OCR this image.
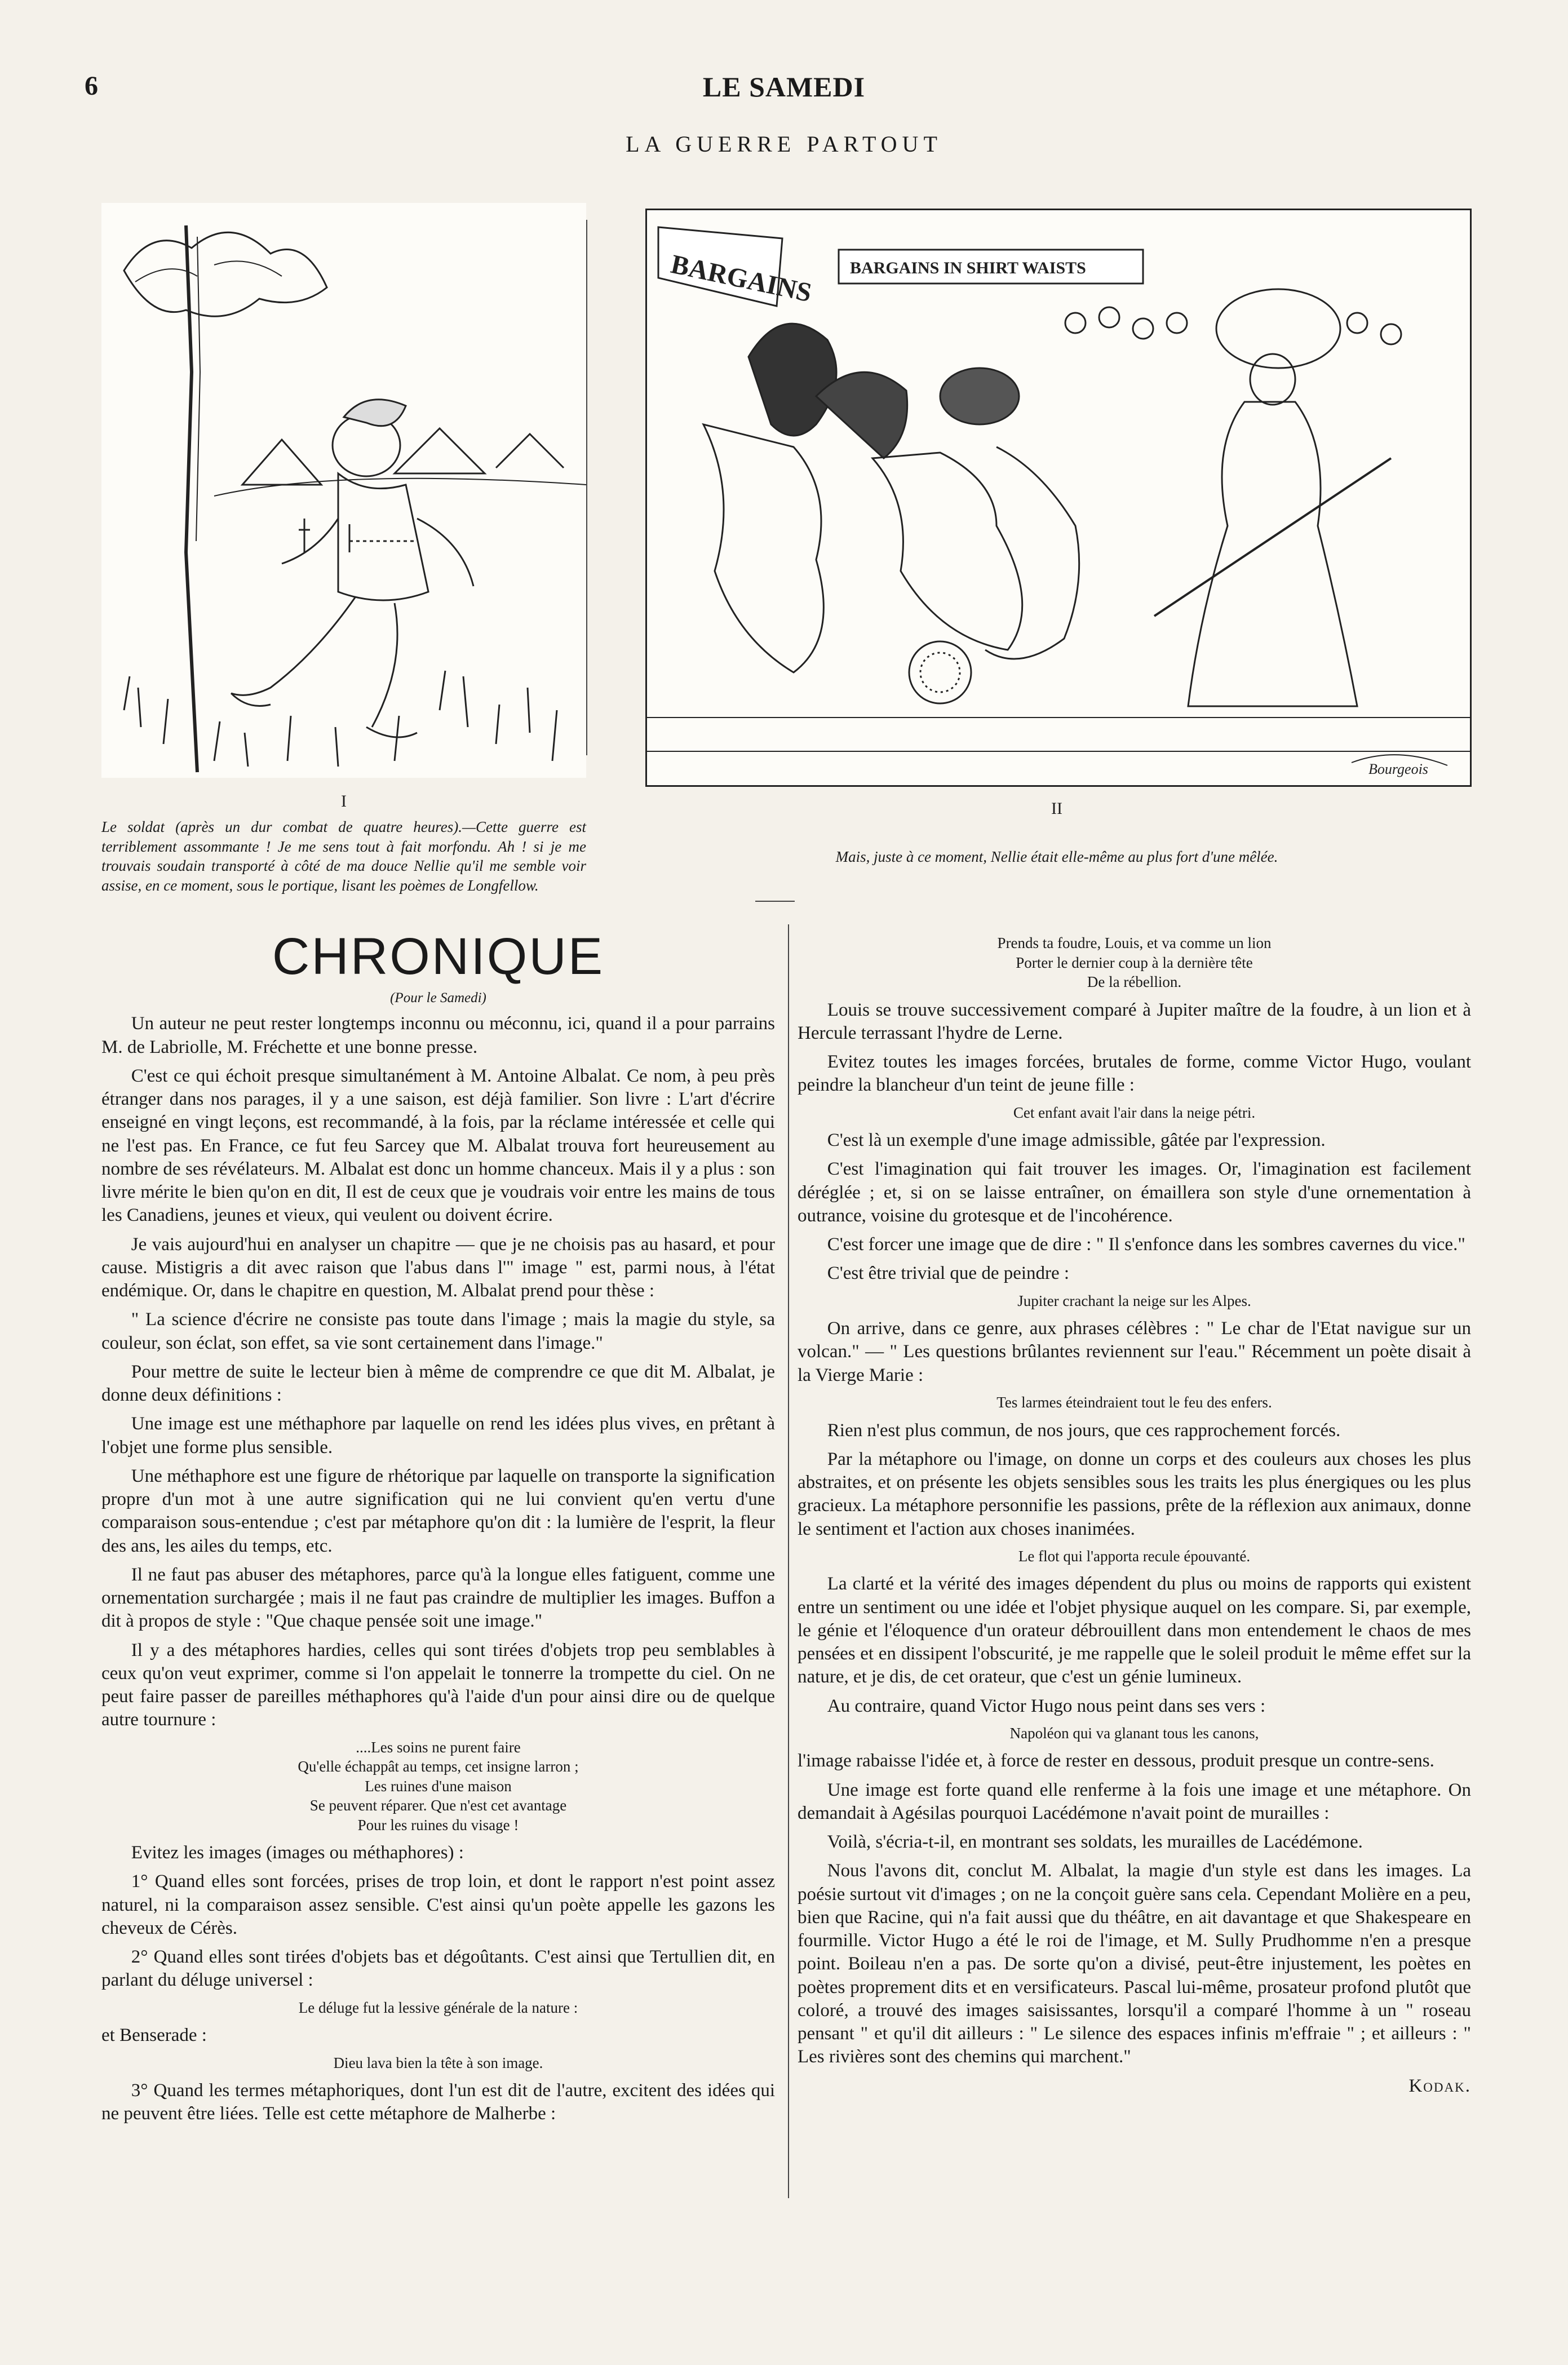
6	LE SAMEDI
LA GUERRE PARTOUT
BARGAINS BARGAINS IN SHIRT WAISTS
Bourgeois
I
Le soldat (après un dur combat de quatre heures).—Cette guerre est terriblement assommante ! Je me sens tout à fait morfondu. Ah ! si je me trouvais soudain transporté à côté de ma douce Nellie qu'il me semble voir assise, en ce moment, sous le portique, lisant les poèmes de Longfellow.
II
Mais, juste à ce moment, Nellie était elle-même au plus fort d'une mêlée.
CHRONIQUE
(Pour le Samedi)

Un auteur ne peut rester longtemps inconnu ou méconnu, ici, quand il a pour parrains M. de Labriolle, M. Fréchette et une bonne presse.

C'est ce qui échoit presque simultanément à M. Antoine Albalat. Ce nom, à peu près étranger dans nos parages, il y a une saison, est déjà familier. Son livre : L'art d'écrire enseigné en vingt leçons, est recommandé, à la fois, par la réclame intéressée et celle qui ne l'est pas. En France, ce fut feu Sarcey que M. Albalat trouva fort heureusement au nombre de ses révélateurs. M. Albalat est donc un homme chanceux. Mais il y a plus : son livre mérite le bien qu'on en dit, Il est de ceux que je voudrais voir entre les mains de tous les Canadiens, jeunes et vieux, qui veulent ou doivent écrire.

Je vais aujourd'hui en analyser un chapitre — que je ne choisis pas au hasard, et pour cause. Mistigris a dit avec raison que l'abus dans l'" image " est, parmi nous, à l'état endémique. Or, dans le chapitre en question, M. Albalat prend pour thèse :

" La science d'écrire ne consiste pas toute dans l'image ; mais la magie du style, sa couleur, son éclat, son effet, sa vie sont certainement dans l'image."

Pour mettre de suite le lecteur bien à même de comprendre ce que dit M. Albalat, je donne deux définitions :

Une image est une méthaphore par laquelle on rend les idées plus vives, en prêtant à l'objet une forme plus sensible.

Une méthaphore est une figure de rhétorique par laquelle on transporte la signification propre d'un mot à une autre signification qui ne lui convient qu'en vertu d'une comparaison sous-entendue ; c'est par métaphore qu'on dit : la lumière de l'esprit, la fleur des ans, les ailes du temps, etc.

Il ne faut pas abuser des métaphores, parce qu'à la longue elles fatiguent, comme une ornementation surchargée ; mais il ne faut pas craindre de multiplier les images. Buffon a dit à propos de style : "Que chaque pensée soit une image."

Il y a des métaphores hardies, celles qui sont tirées d'objets trop peu semblables à ceux qu'on veut exprimer, comme si l'on appelait le tonnerre la trompette du ciel. On ne peut faire passer de pareilles méthaphores qu'à l'aide d'un pour ainsi dire ou de quelque autre tournure :

....Les soins ne purent faire
Qu'elle échappât au temps, cet insigne larron ;
Les ruines d'une maison
Se peuvent réparer. Que n'est cet avantage
Pour les ruines du visage !

Evitez les images (images ou méthaphores) :

1° Quand elles sont forcées, prises de trop loin, et dont le rapport n'est point assez naturel, ni la comparaison assez sensible. C'est ainsi qu'un poète appelle les gazons les cheveux de Cérès.

2° Quand elles sont tirées d'objets bas et dégoûtants. C'est ainsi que Tertullien dit, en parlant du déluge universel :

Le déluge fut la lessive générale de la nature :

et Benserade :

Dieu lava bien la tête à son image.

3° Quand les termes métaphoriques, dont l'un est dit de l'autre, excitent des idées qui ne peuvent être liées. Telle est cette métaphore de Malherbe :

Prends ta foudre, Louis, et va comme un lion
Porter le dernier coup à la dernière tête
De la rébellion.

Louis se trouve successivement comparé à Jupiter maître de la foudre, à un lion et à Hercule terrassant l'hydre de Lerne.

Evitez toutes les images forcées, brutales de forme, comme Victor Hugo, voulant peindre la blancheur d'un teint de jeune fille :

Cet enfant avait l'air dans la neige pétri.

C'est là un exemple d'une image admissible, gâtée par l'expression.

C'est l'imagination qui fait trouver les images. Or, l'imagination est facilement déréglée ; et, si on se laisse entraîner, on émaillera son style d'une ornementation à outrance, voisine du grotesque et de l'incohérence.

C'est forcer une image que de dire : " Il s'enfonce dans les sombres cavernes du vice."

C'est être trivial que de peindre :

Jupiter crachant la neige sur les Alpes.

On arrive, dans ce genre, aux phrases célèbres : " Le char de l'Etat navigue sur un volcan." — " Les questions brûlantes reviennent sur l'eau." Récemment un poète disait à la Vierge Marie :

Tes larmes éteindraient tout le feu des enfers.

Rien n'est plus commun, de nos jours, que ces rapprochement forcés.

Par la métaphore ou l'image, on donne un corps et des couleurs aux choses les plus abstraites, et on présente les objets sensibles sous les traits les plus énergiques ou les plus gracieux. La métaphore personnifie les passions, prête de la réflexion aux animaux, donne le sentiment et l'action aux choses inanimées.

Le flot qui l'apporta recule épouvanté.

La clarté et la vérité des images dépendent du plus ou moins de rapports qui existent entre un sentiment ou une idée et l'objet physique auquel on les compare. Si, par exemple, le génie et l'éloquence d'un orateur débrouillent dans mon entendement le chaos de mes pensées et en dissipent l'obscurité, je me rappelle que le soleil produit le même effet sur la nature, et je dis, de cet orateur, que c'est un génie lumineux.

Au contraire, quand Victor Hugo nous peint dans ses vers :

Napoléon qui va glanant tous les canons,

l'image rabaisse l'idée et, à force de rester en dessous, produit presque un contre-sens.

Une image est forte quand elle renferme à la fois une image et une métaphore. On demandait à Agésilas pourquoi Lacédémone n'avait point de murailles :

Voilà, s'écria-t-il, en montrant ses soldats, les murailles de Lacédémone.

Nous l'avons dit, conclut M. Albalat, la magie d'un style est dans les images. La poésie surtout vit d'images ; on ne la conçoit guère sans cela. Cependant Molière en a peu, bien que Racine, qui n'a fait aussi que du théâtre, en ait davantage et que Shakespeare en fourmille. Victor Hugo a été le roi de l'image, et M. Sully Prudhomme n'en a presque point. Boileau n'en a pas. De sorte qu'on a divisé, peut-être injustement, les poètes en poètes proprement dits et en versificateurs. Pascal lui-même, prosateur profond plutôt que coloré, a trouvé des images saisissantes, lorsqu'il a comparé l'homme à un " roseau pensant " et qu'il dit ailleurs : " Le silence des espaces infinis m'effraie " ; et ailleurs : " Les rivières sont des chemins qui marchent."

Kodak.
